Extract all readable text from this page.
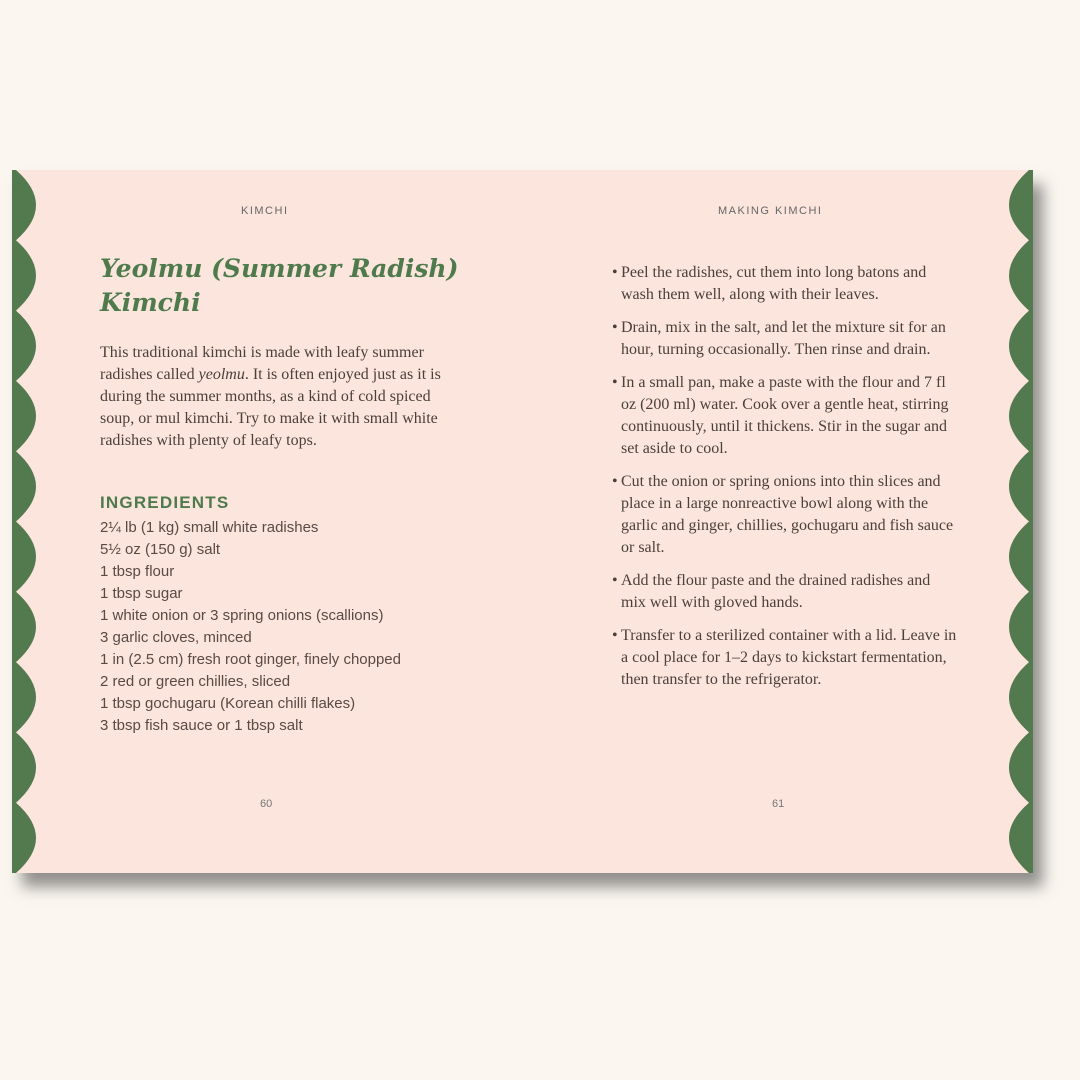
KIMCHI
Yeolmu (Summer Radish)
Kimchi

This traditional kimchi is made with leafy summer radishes called yeolmu. It is often enjoyed just as it is during the summer months, as a kind of cold spiced soup, or mul kimchi. Try to make it with small white radishes with plenty of leafy tops.

INGREDIENTS
2¼ lb (1 kg) small white radishes
5½ oz (150 g) salt
1 tbsp flour
1 tbsp sugar
1 white onion or 3 spring onions (scallions)
3 garlic cloves, minced
1 in (2.5 cm) fresh root ginger, finely chopped
2 red or green chillies, sliced
1 tbsp gochugaru (Korean chilli flakes)
3 tbsp fish sauce or 1 tbsp salt
60
MAKING KIMCHI
• Peel the radishes, cut them into long batons and wash them well, along with their leaves.
• Drain, mix in the salt, and let the mixture sit for an hour, turning occasionally. Then rinse and drain.
• In a small pan, make a paste with the flour and 7 fl oz (200 ml) water. Cook over a gentle heat, stirring continuously, until it thickens. Stir in the sugar and set aside to cool.
• Cut the onion or spring onions into thin slices and place in a large nonreactive bowl along with the garlic and ginger, chillies, gochugaru and fish sauce or salt.
• Add the flour paste and the drained radishes and mix well with gloved hands.
• Transfer to a sterilized container with a lid. Leave in a cool place for 1–2 days to kickstart fermentation, then transfer to the refrigerator.
61
